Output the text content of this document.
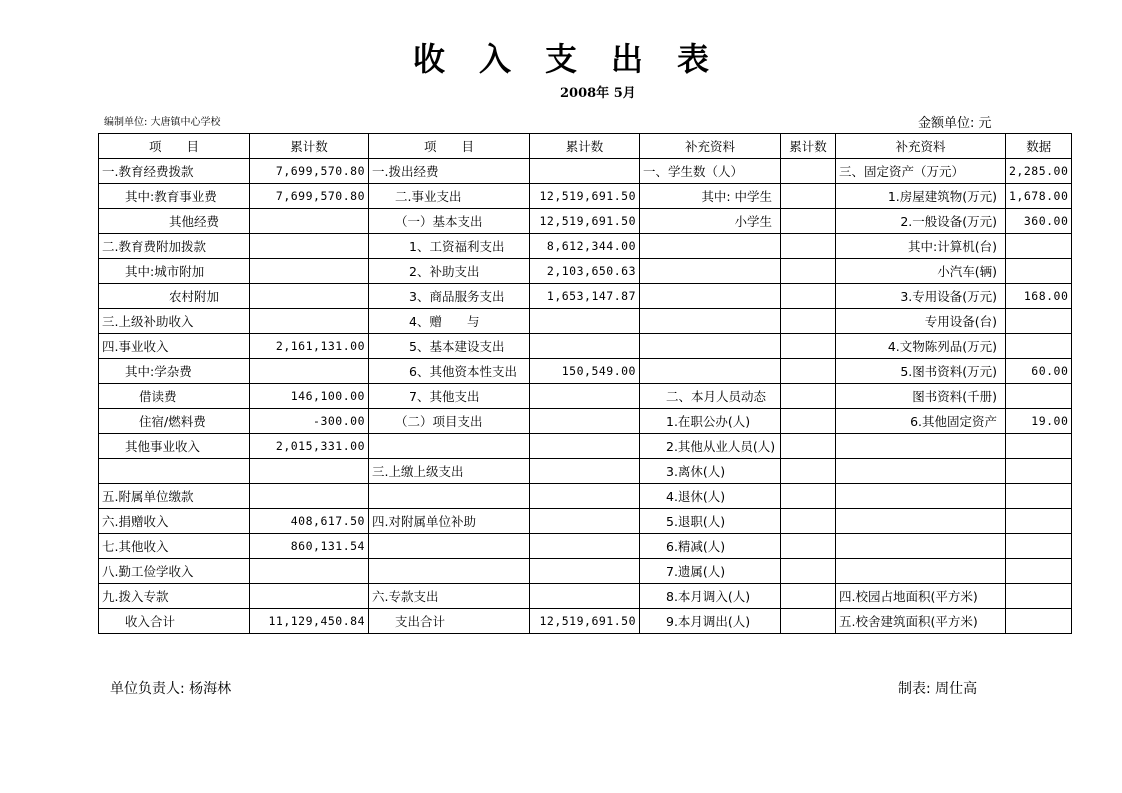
收入支出表
2008年 5月
编制单位: 大唐镇中心学校	金额单位: 元
项　　目	累计数	项　　目	累计数	补充资料	累计数	补充资料	数据
一.教育经费拨款	7,699,570.80	一.拨出经费		一、学生数（人）		三、固定资产（万元）	2,285.00
其中:教育事业费	7,699,570.80	二.事业支出	12,519,691.50	其中: 中学生		1.房屋建筑物(万元)	1,678.00
其他经费		（一）基本支出	12,519,691.50	小学生		2.一般设备(万元)	360.00
二.教育费附加拨款		1、工资福利支出	8,612,344.00			其中:计算机(台)	
其中:城市附加		2、补助支出	2,103,650.63			小汽车(辆)	
农村附加		3、商品服务支出	1,653,147.87			3.专用设备(万元)	168.00
三.上级补助收入		4、赠　　与				专用设备(台)	
四.事业收入	2,161,131.00	5、基本建设支出				4.文物陈列品(万元)	
其中:学杂费		6、其他资本性支出	150,549.00			5.图书资料(万元)	60.00
借读费	146,100.00	7、其他支出		二、本月人员动态		图书资料(千册)	
住宿/燃料费	-300.00	（二）项目支出		1.在职公办(人)		6.其他固定资产	19.00
其他事业收入	2,015,331.00			2.其他从业人员(人)			
		三.上缴上级支出		3.离休(人)			
五.附属单位缴款				4.退休(人)			
六.捐赠收入	408,617.50	四.对附属单位补助		5.退职(人)			
七.其他收入	860,131.54			6.精减(人)			
八.勤工俭学收入				7.遗属(人)			
九.拨入专款		六.专款支出		8.本月调入(人)		四.校园占地面积(平方米)	
收入合计	11,129,450.84	支出合计	12,519,691.50	9.本月调出(人)		五.校舍建筑面积(平方米)	
单位负责人: 杨海林	制表: 周仕高
